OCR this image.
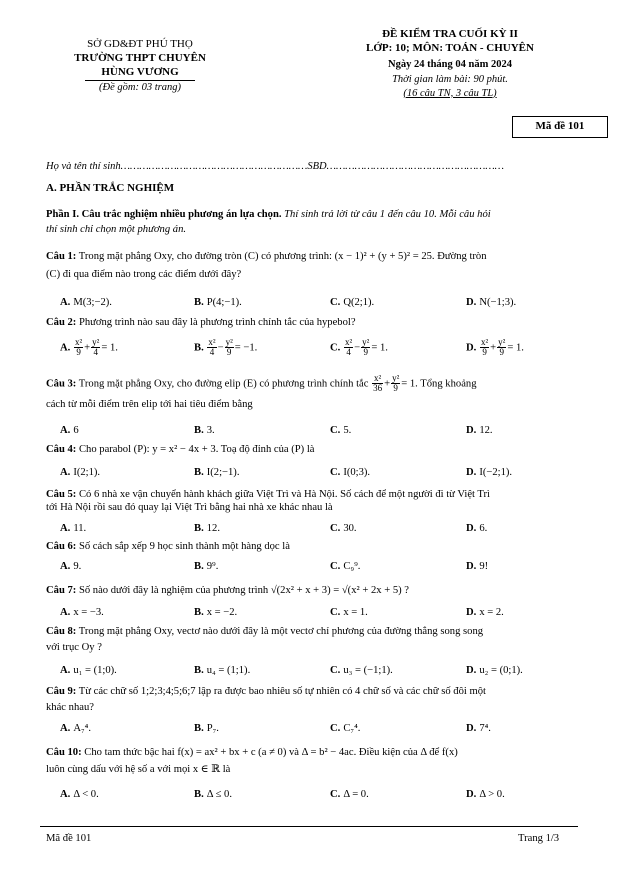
SỞ GD&ĐT PHÚ THỌ
TRƯỜNG THPT CHUYÊN
HÙNG VƯƠNG
(Đề gồm: 03 trang)
ĐỀ KIỂM TRA CUỐI KỲ II
LỚP: 10; MÔN: TOÁN - CHUYÊN
Ngày 24 tháng 04 năm 2024
Thời gian làm bài: 90 phút.
(16 câu TN, 3 câu TL)
Mã đề 101
Họ và tên thí sinh……………………………………………………SBD…………………………………………………
A. PHẦN TRẮC NGHIỆM
Phần I. Câu trắc nghiệm nhiều phương án lựa chọn. Thí sinh trả lời từ câu 1 đến câu 10. Mỗi câu hỏi
thí sinh chỉ chọn một phương án.
Câu 1: Trong mặt phẳng Oxy, cho đường tròn (C) có phương trình: (x − 1)² + (y + 5)² = 25. Đường tròn
(C) đi qua điểm nào trong các điểm dưới đây?
A. M(3;−2).	B. P(4;−1).	C. Q(2;1).	D. N(−1;3).
Câu 2: Phương trình nào sau đây là phương trình chính tắc của hypebol?
A. $\frac{\text{x²}}{9} + \frac{\text{y²}}{4} = 1$.	B. $\frac{\text{x²}}{4} - \frac{\text{y²}}{9} = -1$.	C. $\frac{\text{x²}}{4} - \frac{\text{y²}}{9} = 1$.	D. $\frac{\text{x²}}{9} + \frac{\text{y²}}{9} = 1$.
Câu 3: Trong mặt phẳng Oxy, cho đường elip (E) có phương trình chính tắc $\frac{\text{x²}}{36} + \frac{\text{y²}}{9} = 1$. Tổng khoảng
cách từ mỗi điểm trên elip tới hai tiêu điểm bằng
A. 6	B. 3.	C. 5.	D. 12.
Câu 4: Cho parabol (P): y = x² − 4x + 3. Toạ độ đỉnh của (P) là
A. I(2;1).	B. I(2;−1).	C. I(0;3).	D. I(−2;1).
Câu 5: Có 6 nhà xe vận chuyển hành khách giữa Việt Trì và Hà Nội. Số cách để một người đi từ Việt Trì
tới Hà Nội rồi sau đó quay lại Việt Trì bằng hai nhà xe khác nhau là
A. 11.	B. 12.	C. 30.	D. 6.
Câu 6: Số cách sắp xếp 9 học sinh thành một hàng dọc là
A. 9.	B. 9⁹.	C. C₉⁹.	D. 9!
Câu 7: Số nào dưới đây là nghiệm của phương trình √(2x² + x + 3) = √(x² + 2x + 5) ?
A. x = −3.	B. x = −2.	C. x = 1.	D. x = 2.
Câu 8: Trong mặt phẳng Oxy, vectơ nào dưới đây là một vectơ chỉ phương của đường thẳng song song
với trục Oy ?
A. u₁ = (1;0).	B. u₄ = (1;1).	C. u₃ = (−1;1).	D. u₂ = (0;1).
Câu 9: Từ các chữ số 1;2;3;4;5;6;7 lập ra được bao nhiêu số tự nhiên có 4 chữ số và các chữ số đôi một
khác nhau?
A. A₇⁴.	B. P₇.	C. C₇⁴.	D. 7⁴.
Câu 10: Cho tam thức bậc hai f(x) = ax² + bx + c (a ≠ 0) và Δ = b² − 4ac. Điều kiện của Δ để f(x)
luôn cùng dấu với hệ số a với mọi x ∈ ℝ là
A. Δ < 0.	B. Δ ≤ 0.	C. Δ = 0.	D. Δ > 0.
Mã đề 101	Trang 1/3
